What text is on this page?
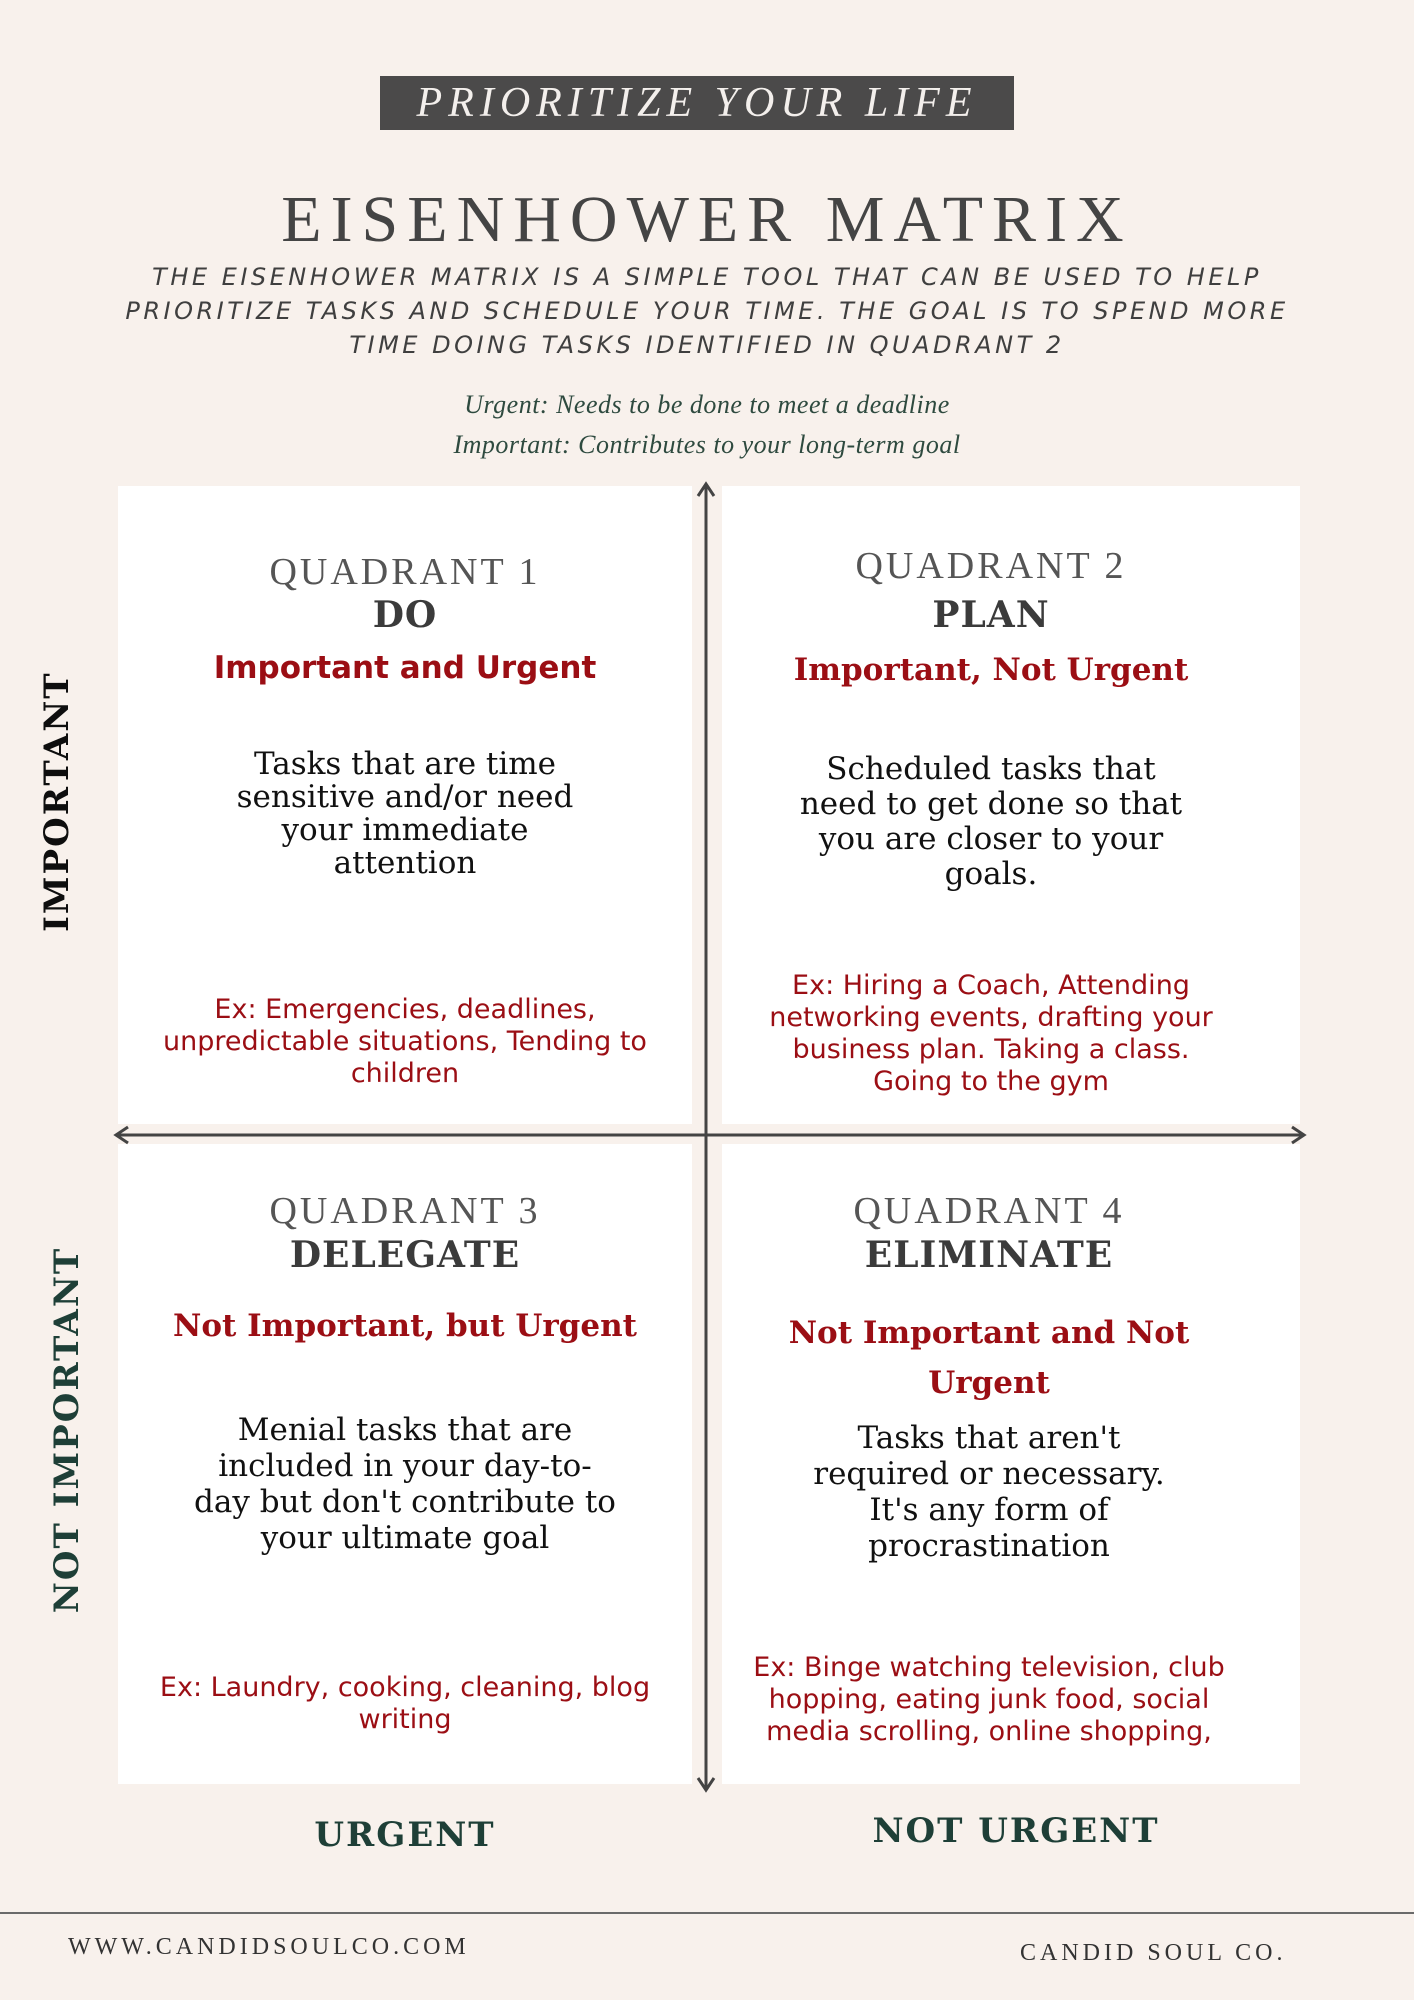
PRIORITIZE YOUR LIFE
EISENHOWER MATRIX
THE EISENHOWER MATRIX IS A SIMPLE TOOL THAT CAN BE USED TO HELP
PRIORITIZE TASKS AND SCHEDULE YOUR TIME. THE GOAL IS TO SPEND MORE
TIME DOING TASKS IDENTIFIED IN QUADRANT 2
Urgent: Needs to be done to meet a deadline
Important: Contributes to your long-term goal
QUADRANT 1
DO
Important and Urgent
Tasks that are time
sensitive and/or need
your immediate
attention
Ex: Emergencies, deadlines,
unpredictable situations, Tending to
children
QUADRANT 2
PLAN
Important, Not Urgent
Scheduled tasks that
need to get done so that
you are closer to your
goals.
Ex: Hiring a Coach, Attending
networking events, drafting your
business plan. Taking a class.
Going to the gym
QUADRANT 3
DELEGATE
Not Important, but Urgent
Menial tasks that are
included in your day-to-
day but don't contribute to
your ultimate goal
Ex: Laundry, cooking, cleaning, blog
writing
QUADRANT 4
ELIMINATE
Not Important and Not
Urgent
Tasks that aren't
required or necessary.
It's any form of
procrastination
Ex: Binge watching television, club
hopping, eating junk food, social
media scrolling, online shopping,
IMPORTANT
NOT IMPORTANT
URGENT	NOT URGENT
WWW.CANDIDSOULCO.COM	CANDID SOUL CO.
